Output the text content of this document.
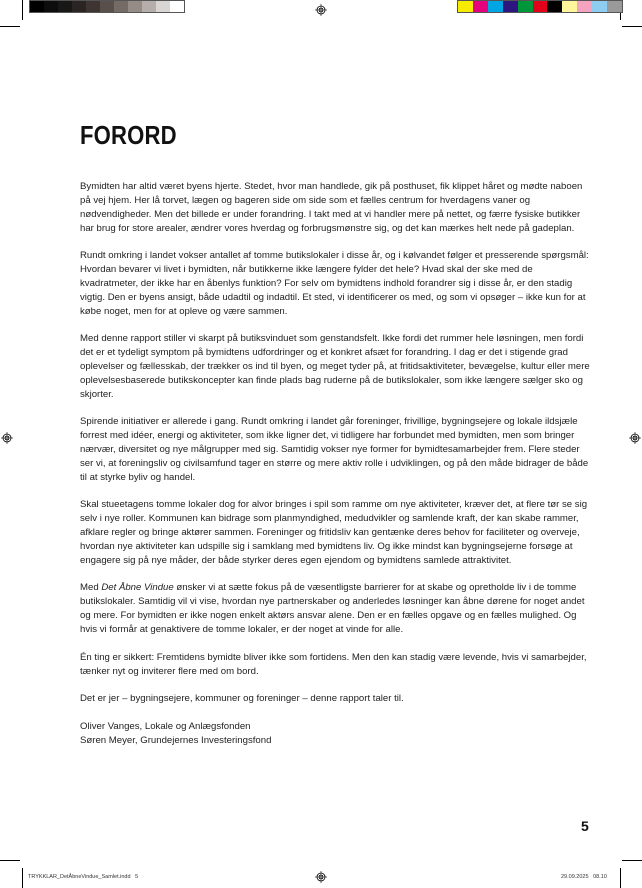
FORORD

Bymidten har altid været byens hjerte. Stedet, hvor man handlede, gik på posthuset, fik klippet håret og mødte naboen på vej hjem. Her lå torvet, lægen og bageren side om side som et fælles centrum for hverdagens vaner og nødvendigheder. Men det billede er under forandring. I takt med at vi handler mere på nettet, og færre fysiske butikker har brug for store arealer, ændrer vores hverdag og forbrugsmønstre sig, og det kan mærkes helt nede på gadeplan.

Rundt omkring i landet vokser antallet af tomme butikslokaler i disse år, og i kølvandet følger et presserende spørgsmål: Hvordan bevarer vi livet i bymidten, når butikkerne ikke længere fylder det hele? Hvad skal der ske med de kvadratmeter, der ikke har en åbenlys funktion? For selv om bymidtens indhold forandrer sig i disse år, er den stadig vigtig. Den er byens ansigt, både udadtil og indadtil. Et sted, vi identificerer os med, og som vi opsøger – ikke kun for at købe noget, men for at opleve og være sammen.

Med denne rapport stiller vi skarpt på butiksvinduet som genstandsfelt. Ikke fordi det rummer hele løsningen, men fordi det er et tydeligt symptom på bymidtens udfordringer og et konkret afsæt for forandring. I dag er det i stigende grad oplevelser og fællesskab, der trækker os ind til byen, og meget tyder på, at fritidsaktiviteter, bevægelse, kultur eller mere oplevelsesbaserede butikskoncepter kan finde plads bag ruderne på de butikslokaler, som ikke længere sælger sko og skjorter.

Spirende initiativer er allerede i gang. Rundt omkring i landet går foreninger, frivillige, bygningsejere og lokale ildsjæle forrest med idéer, energi og aktiviteter, som ikke ligner det, vi tidligere har forbundet med bymidten, men som bringer nærvær, diversitet og nye målgrupper med sig. Samtidig vokser nye former for bymidtesamarbejder frem. Flere steder ser vi, at foreningsliv og civilsamfund tager en større og mere aktiv rolle i udviklingen, og på den måde bidrager de både til at styrke byliv og handel.

Skal stueetagens tomme lokaler dog for alvor bringes i spil som ramme om nye aktiviteter, kræver det, at flere tør se sig selv i nye roller. Kommunen kan bidrage som planmyndighed, medudvikler og samlende kraft, der kan skabe rammer, afklare regler og bringe aktører sammen. Foreninger og fritidsliv kan gentænke deres behov for faciliteter og overveje, hvordan nye aktiviteter kan udspille sig i samklang med bymidtens liv. Og ikke mindst kan bygningsejerne forsøge at engagere sig på nye måder, der både styrker deres egen ejendom og bymidtens samlede attraktivitet.

Med Det Åbne Vindue ønsker vi at sætte fokus på de væsentligste barrierer for at skabe og opretholde liv i de tomme butikslokaler. Samtidig vil vi vise, hvordan nye partnerskaber og anderledes løsninger kan åbne dørene for noget andet og mere. For bymidten er ikke nogen enkelt aktørs ansvar alene. Den er en fælles opgave og en fælles mulighed. Og hvis vi formår at genaktivere de tomme lokaler, er der noget at vinde for alle.

Én ting er sikkert: Fremtidens bymidte bliver ikke som fortidens. Men den kan stadig være levende, hvis vi samarbejder, tænker nyt og inviterer flere med om bord.

Det er jer – bygningsejere, kommuner og foreninger – denne rapport taler til.

Oliver Vanges, Lokale og Anlægsfonden

Søren Meyer, Grundejernes Investeringsfond

5
TRYKKLAR_DetÅbneVindue_Samlet.indd   5	29.09.2025   08.10
